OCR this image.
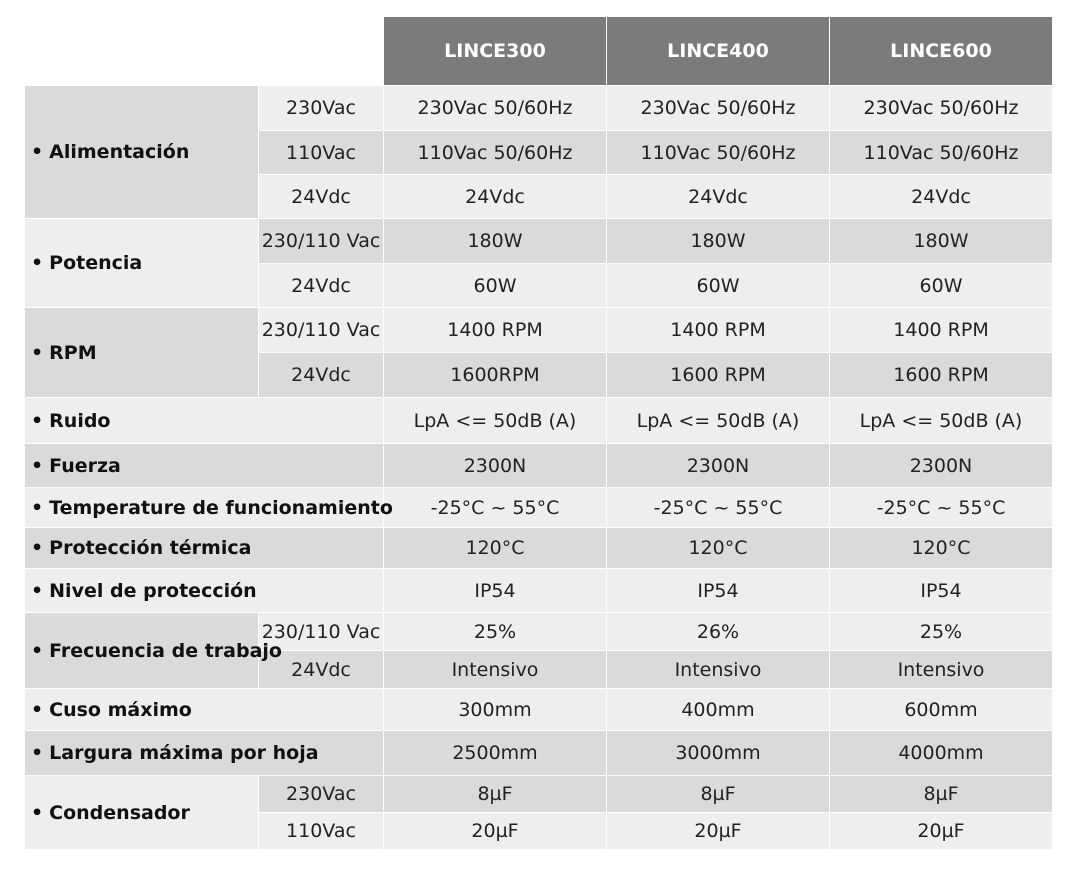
		LINCE300	LINCE400	LINCE600
• Alimentación	230Vac	230Vac 50/60Hz	230Vac 50/60Hz	230Vac 50/60Hz
	110Vac	110Vac 50/60Hz	110Vac 50/60Hz	110Vac 50/60Hz
	24Vdc	24Vdc	24Vdc	24Vdc
• Potencia	230/110 Vac	180W	180W	180W
	24Vdc	60W	60W	60W
• RPM	230/110 Vac	1400 RPM	1400 RPM	1400 RPM
	24Vdc	1600RPM	1600 RPM	1600 RPM
• Ruido		LpA <= 50dB (A)	LpA <= 50dB (A)	LpA <= 50dB (A)
• Fuerza		2300N	2300N	2300N
• Temperature de funcionamiento		-25°C ~ 55°C	-25°C ~ 55°C	-25°C ~ 55°C
• Protección térmica		120°C	120°C	120°C
• Nivel de protección		IP54	IP54	IP54
• Frecuencia de trabajo	230/110 Vac	25%	26%	25%
	24Vdc	Intensivo	Intensivo	Intensivo
• Cuso máximo		300mm	400mm	600mm
• Largura máxima por hoja		2500mm	3000mm	4000mm
• Condensador	230Vac	8µF	8µF	8µF
	110Vac	20µF	20µF	20µF
